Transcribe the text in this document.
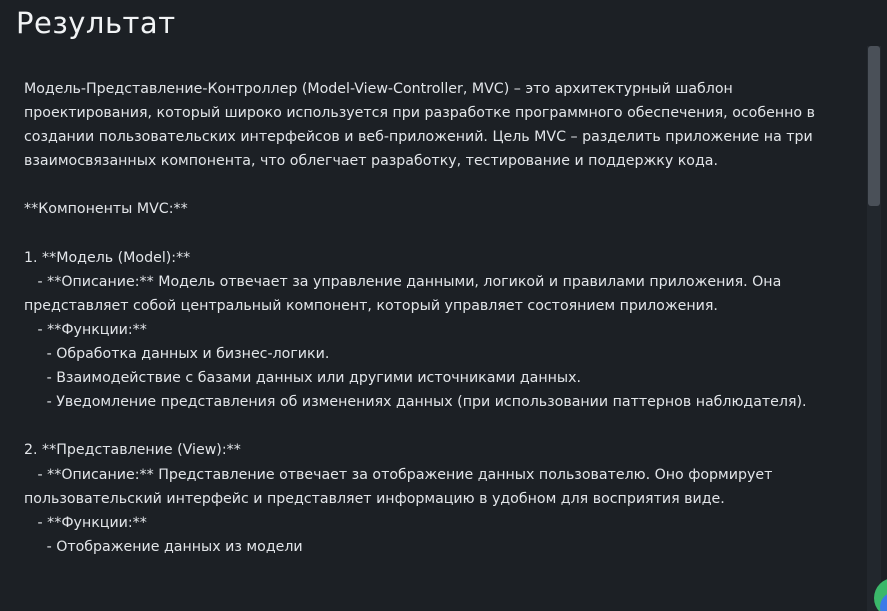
Результат
Модель-Представление-Контроллер (Model-View-Controller, MVC) – это архитектурный шаблон проектирования, который широко используется при разработке программного обеспечения, особенно в создании пользовательских интерфейсов и веб-приложений. Цель MVC – разделить приложение на три взаимосвязанных компонента, что облегчает разработку, тестирование и поддержку кода.

**Компоненты MVC:**

1. **Модель (Model):**
- **Описание:** Модель отвечает за управление данными, логикой и правилами приложения. Она представляет собой центральный компонент, который управляет состоянием приложения.
- **Функции:**
- Обработка данных и бизнес-логики.
- Взаимодействие с базами данных или другими источниками данных.
- Уведомление представления об изменениях данных (при использовании паттернов наблюдателя).

2. **Представление (View):**
- **Описание:** Представление отвечает за отображение данных пользователю. Оно формирует пользовательский интерфейс и представляет информацию в удобном для восприятия виде.
- **Функции:**
- Отображение данных из модели
